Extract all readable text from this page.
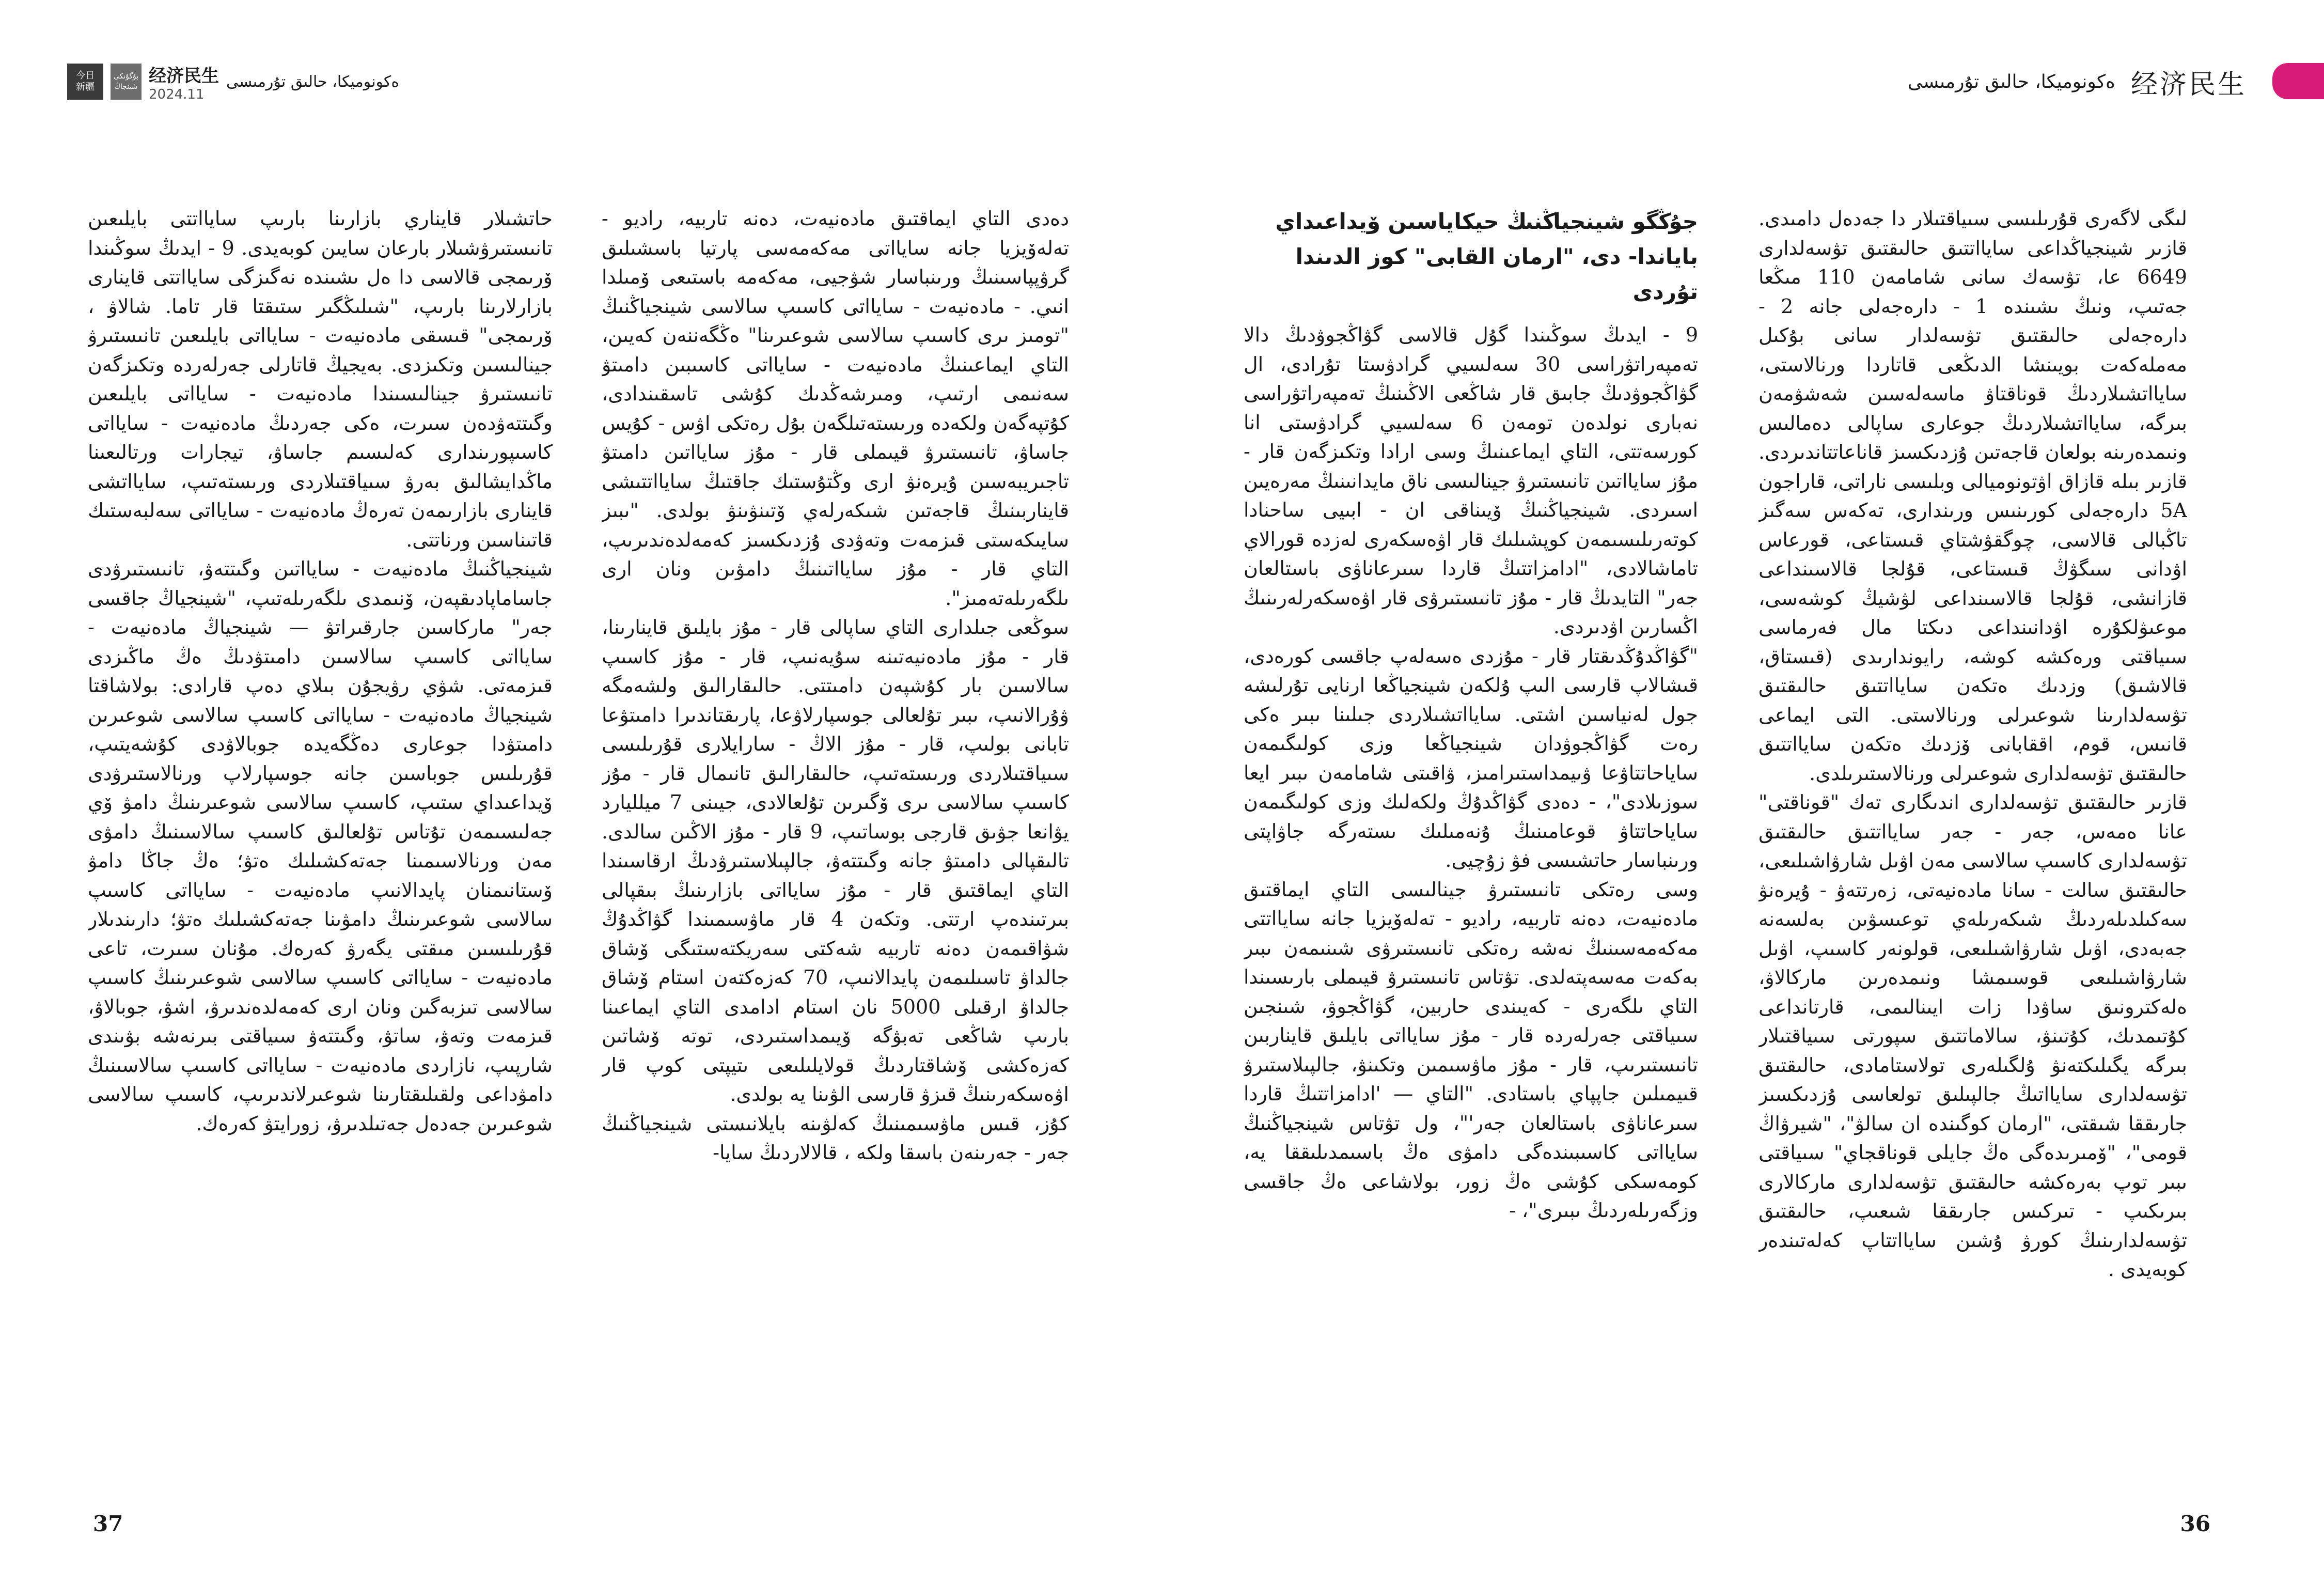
今日
新疆
بۇگۇنكى
شىنجاڭ
经济民生
2024.11
ەكونوميكا، حالىق تۇرمىسى	ەكونوميكا، حالىق تۇرمىسى 经济民生

لىگى لاگەرى قۇرىلىسى سىياقتىلار دا جەدەل دامىدى. قازىر شينجياڭداعى سايااتتىق حالىقتىق تۋسەلدارى 6649 عا، تۋسەك سانى شامامەن 110 مىڭعا جەتىپ، ونىڭ ىشىندە 1 - دارەجەلى جانە 2 - دارەجەلى حالىقتىق تۋسەلدار سانى بۇكىل مەملەكەت بويىنشا الدىڭعى قاتاردا ورنالاستى، سايااتشىلاردىڭ قوناقتاۋ ماسەلەسىن شەشۋمەن بىرگە، سايااتشىلاردىڭ جوعارى ساپالى دەمالىس ونىمدەرىنە بولعان قاجەتىن ۇزدىكسىز قاناعاتتاندىردى. قازىر بىلە قازاق اۋتونوميالى وبلىسى ناراتى، قاراجون 5A دارەجەلى كورىنىس ورىندارى، تەكەس سەگىز تاڭبالى قالاسى، چوگقۋشتاي قىستاعى، قورعاس اۋدانى سىگۋڭ قىستاعى، قۇلجا قالاسىنداعى قازانشى، قۇلجا قالاسىنداعى لۋشيڭ كوشەسى، موعىۋلكۇرە اۋدانىنداعى دىكتا مال فەرماسى سىياقتى ورەكشە كوشە، رايوندارىدى (قىستاق، قالاشىق) وزدىك ەتكەن سايااتتىق حالىقتىق تۋسەلدارىنا شوعىرلى ورنالاستى. التى ايماعى قانىس، قوم، اققابانى ۆزدىك ەتكەن سايااتتىق حالىقتىق تۋسەلدارى شوعىرلى ورنالاستىرىلدى.

قازىر حالىقتىق تۋسەلدارى اندىگارى تەك "قوناقتى" عانا ەمەس، جەر - جەر سايااتتىق حالىقتىق تۋسەلدارى كاسىپ سالاسى مەن اۋىل شارۋاشىلىعى، حالىقتىق سالت - سانا مادەنيەتى، زەرتتەۋ - ۇيرەنۋ سەكىلدىلەردىڭ شىكەرىلەي توعىسۋىن بەلسەنە جەبەدى، اۋىل شارۋاشىلىعى، قولونەر كاسىپ، اۋىل شارۋاشىلىعى قوسىمشا ونىمدەرىن ماركالاۋ، ەلەكترونىق ساۋدا زات ايىنالىمى، قارتانداعى كۇتىمدىك، كۇتىنۋ، سالاماتتىق سپورتى سىياقتىلار بىرگە يگىلىكتەنۋ ۇلگىلەرى تولاستامادى، حالىقتىق تۋسەلدارى سايااتىڭ جالپىلىق تولعاسى ۇزدىكسىز جارىققا شىقتى، "ارمان كوگىندە ان سالۋ"، "شيرۋاڭ قومى"، "ۆمىرىدەگى ەڭ جايلى قوناقجاي" سىياقتى ىبىر توپ بەرەكشە حالىقتىق تۋسەلدارى ماركالارى بىرىكىپ - تىركىس جارىققا شىعىپ، حالىقتىق تۋسەلدارىنىڭ كورۋ ۇشىن سايااتتاپ كەلەتىندەر كوبەيدى .

جۇڭگو شينجياڭنىڭ حيكاياسىن ۆيداعىداي باياندا- دى، "ارمان القابى" كوز الدىندا تۇردى

9 - ايدىڭ سوڭىندا گۇل قالاسى گۋاڭجوۋدىڭ دالا تەمپەراتۋراسى 30 سەلسيي گرادۋستا تۇرادى، ال گۋاڭجوۋدىڭ جابىق قار شاڭعى الاڭىنىڭ تەمپەراتۋراسى نەبارى نولدەن تومەن 6 سەلسيي گرادۋستى انا كورسەتتى، التاي ايماعىنىڭ وسى ارادا وتكىزگەن قار - مۇز سايااتىن تانىستىرۋ جينالىسى ناق مايدانىنىڭ مەرەيىن اسىردى. شينجياڭنىڭ ۆيىناقى ان - ابىيى ساحنادا كوتەرىلىسىمەن كوپشىلىك قار اۋەسكەرى لەزدە قورالاي تاماشالادى، "ادامزاتتىڭ قاردا سىرعاناۋى باستالعان جەر" التايدىڭ قار - مۇز تانىستىرۋى قار اۋەسكەرلەرىنىڭ اڭسارىن اۋدىردى.

"گۋاڭدۇڭدىقتار قار - مۇزدى ەسەلەپ جاقسى كورەدى، قىشالاپ قارسى الىپ ۇلكەن شينجياڭعا ارنايى تۇرلىشە جول لەنياسىن اشتى. سايااتشىلاردى جىلىنا ىبىر ەكى رەت گۋاڭجوۋدان شينجياڭعا وزى كولىگىمەن ساياحاتتاۋعا ۋىيمداستىرامىز، ۋاقىتى شامامەن ىبىر ايعا سوزىلادى"، - دەدى گۋاڭدۇڭ ولكەلىك وزى كولىگىمەن ساياحاتتاۋ قوعامىنىڭ ۇنەمىلىك ىستەرگە جاۋاپتى ورىنباسار حاتشىسى فۋ زۇچيى.

وسى رەتكى تانىستىرۋ جينالىسى التاي ايماقتىق مادەنيەت، دەنە تاربيە، راديو - تەلەۆيزيا جانە سايااتتى مەكەمەسىنىڭ نەشە رەتكى تانىستىرۋى شىنىمەن ىبىر بەكەت مەسەپتەلدى. تۋتاس تانىستىرۋ قيىملى بارىسىندا التاي ىلگەرى - كەيىندى حاربين، گۋاڭجوۋ، شىنجىن سىياقتى جەرلەردە قار - مۇز سايااتى بايلىق قايناربىن تانىستىرىپ، قار - مۇز ماۋسىمىن وتكىنۋ، جالپىلاستىرۋ قىيمىلىن جاپپاي باستادى. "التاي — 'ادامزاتتىڭ قاردا سىرعاناۋى باستالعان جەر'"، ول تۋتاس شينجياڭنىڭ سايااتى كاسىبىندەگى دامۋى ەڭ باسىمدىلىققا يە، كومەسكى كۇشى ەڭ زور، بولاشاعى ەڭ جاقسى وزگەرىلەردىڭ ىبىرى"، -

دەدى التاي ايماقتىق مادەنيەت، دەنە تاربيە، راديو - تەلەۆيزيا جانە سايااتى مەكەمەسى پارتيا باسشىلىق گرۋپپاسىنىڭ ورىنباسار شۋجيى، مەكەمە باستىعى ۆمىلدا انىي. - مادەنيەت - سايااتى كاسىپ سالاسى شينجياڭنىڭ "تومىز ىرى كاسىپ سالاسى شوعىرىنا" ەڭگەننەن كەيىن، التاي ايماعىنىڭ مادەنيەت - سايااتى كاسىبىن دامىتۋ سەنىمى ارتىپ، ومىرشەڭدىك كۇشى تاسقىندادى، كۇتپەگەن ولكەدە ورىستەتىلگەن بۇل رەتكى اۋس - كۇيس جاساۋ، تانىستىرۋ قيىملى قار - مۇز سايااتىن دامىتۋ تاجىريبەسىن ۇيرەنۋ ارى وڭتۇستىك جاقتىڭ سايااتتىشى قايناربىنىڭ قاجەتىن شىكەرلەي ۆتىنۋىنۋ بولدى. "ىبىز سايىكەستى قىزمەت وتەۋدى ۇزدىكسىز كەمەلدەندىرىپ، التاي قار - مۇز سايااتىنىڭ دامۋىن ونان ارى ىلگەرىلەتەمىز".

سوڭعى جىلدارى التاي ساپالى قار - مۇز بايلىق قاينارىنا، قار - مۇز مادەنيەتىنە سۇيەنىپ، قار - مۇز كاسىپ سالاسىن بار كۇشپەن دامىتتى. حالىقارالىق ولشەمگە ۋۇرالانىپ، ىبىر تۇلعالى جوسپارلاۋعا، پارىقتاندىرا دامىتۋعا تابانى بولىپ، قار - مۇز الاڭ - سارايلارى قۇرىلىسى سىياقتىلاردى ورىستەتىپ، حالىقارالىق تانىمال قار - مۇز كاسىپ سالاسى ىرى ۆگىرىن تۇلعالادى، جيىنى 7 ميلليارد يۋانعا جۋىق قارجى بوساتىپ، 9 قار - مۇز الاڭىن سالدى. تالىقپالى دامىتۋ جانە وگىتتەۋ، جالپىلاستىرۋدىڭ ارقاسىندا التاي ايماقتىق قار - مۇز سايااتى بازارىنىڭ بىقپالى بىرتىندەپ ارتتى. وتكەن 4 قار ماۋسىمىندا گۋاڭدۇڭ شۋاقىمەن دەنە تاربيە شەكتى سەريكتەستىگى ۆشاق جالداۋ تاسىلىمەن پايدالانىپ، 70 كەزەكتەن استام ۆشاق جالداۋ ارقىلى 5000 نان استام ادامدى التاي ايماعىنا بارىپ شاڭعى تەبۋگە ۆيىمداستىردى، توتە ۆشاتىن كەزەكشى ۆشاقتاردىڭ قولايلىلىعى ىتيپتى كوپ قار اۋەسكەرىنىڭ قىزۋ قارسى الۋىنا يە بولدى.

كۇز، قىس ماۋسىمىنىڭ كەلۋىنە بايلانىستى شينجياڭنىڭ جەر - جەرىنەن باسقا ولكە ، قالالاردىڭ سايا-

حاتشىلار قايناري بازارىنا بارىپ سايااتتى بايلىعىن تانىستىرۋشىلار بارعان سايىن كوبەيدى. 9 - ايدىڭ سوڭىندا ۆرىمجى قالاسى دا ەل ىشىندە نەگىزگى سايااتتى قاينارى بازارلارىنا بارىپ، "شىلىڭگىر ستىقتا قار تاما. شالاۋ ، ۆرىمجى" قىسقى مادەنيەت - سايااتى بايلىعىن تانىستىرۋ جينالىسىن وتكىزدى. بەيجيڭ قاتارلى جەرلەردە وتكىزگەن تانىستىرۋ جينالىسىندا مادەنيەت - سايااتى بايلىعىن وگىتتەۋدەن سىرت، ەكى جەردىڭ مادەنيەت - سايااتى كاسىپورىندارى كەلىسىم جاساۋ، تيجارات ورتالىعىنا ماڭدايشالىق بەرۋ سىياقتىلاردى ورىستەتىپ، سايااتشى قاينارى بازارىمەن تەرەڭ مادەنيەت - سايااتى سەلبەستىك قاتىناسىن ورناتتى.

شينجياڭنىڭ مادەنيەت - سايااتىن وگىتتەۋ، تانىستىرۋدى جاساماپادىقپەن، ۆنىمدى ىلگەرىلەتىپ، "شينجياڭ جاقسى جەر" ماركاسىن جارقىراتۋ — شينجياڭ مادەنيەت - سايااتى كاسىپ سالاسىن دامىتۋدىڭ ەڭ ماڭىزدى قىزمەتى. شۋي رۋيجۇن بىلاي دەپ قارادى: بولاشاقتا شينجياڭ مادەنيەت - سايااتى كاسىپ سالاسى شوعىرىن دامىتۋدا جوعارى دەڭگەيدە جوبالاۋدى كۇشەيتىپ، قۇرىلىس جوباسىن جانە جوسپارلاپ ورنالاستىرۋدى ۆيداعىداي ستىپ، كاسىپ سالاسى شوعىرىنىڭ دامۋ ۆي جەلىسىمەن تۇتاس تۇلعالىق كاسىپ سالاسىنىڭ دامۋى مەن ورنالاسىمىنا جەتەكشىلىك ەتۋ؛ ەڭ جاڭا دامۋ ۆستانىمنان پايدالانىپ مادەنيەت - سايااتى كاسىپ سالاسى شوعىرىنىڭ دامۋىنا جەتەكشىلىك ەتۋ؛ دارىندىلار قۇرىلىسىن مىقتى يگەرۋ كەرەك. مۇنان سىرت، تاعى مادەنيەت - سايااتى كاسىپ سالاسى شوعىرىنىڭ كاسىپ سالاسى تىزبەگىن ونان ارى كەمەلدەندىرۋ، اشۋ، جوبالاۋ، قىزمەت وتەۋ، ساتۋ، وگىتتەۋ سىياقتى بىرنەشە بۋىندى شارپىپ، نازاردى مادەنيەت - سايااتى كاسىپ سالاسىنىڭ دامۋداعى ولقىلىقتارىنا شوعىرلاندىرىپ، كاسىپ سالاسى شوعىرىن جەدەل جەتىلدىرۋ، زورايتۋ كەرەك.

37	36
